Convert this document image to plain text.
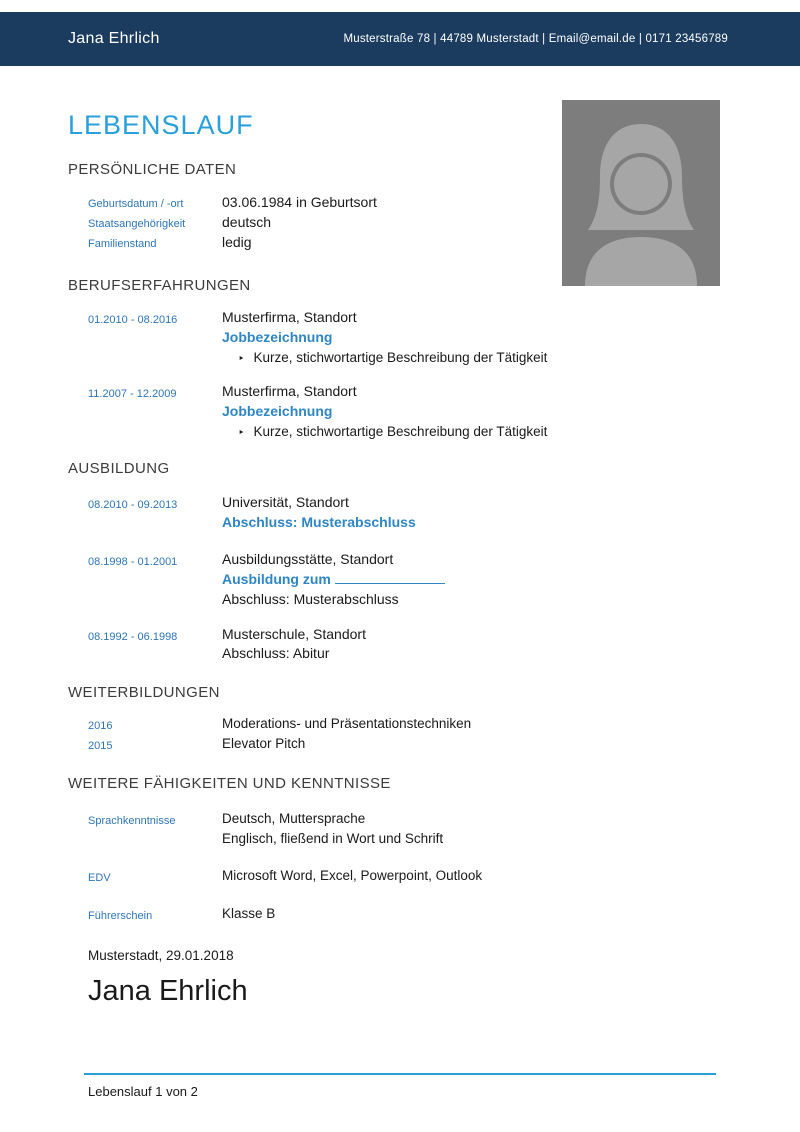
Jana Ehrlich	Musterstraße 78 | 44789 Musterstadt | Email@email.de | 0171 23456789
LEBENSLAUF
PERSÖNLICHE DATEN
Geburtsdatum / -ort	03.06.1984 in Geburtsort
Staatsangehörigkeit	deutsch
Familienstand	ledig
BERUFSERFAHRUNGEN
01.2010 - 08.2016	Musterfirma, Standort
Jobbezeichnung
‣ Kurze, stichwortartige Beschreibung der Tätigkeit
11.2007 - 12.2009	Musterfirma, Standort
Jobbezeichnung
‣ Kurze, stichwortartige Beschreibung der Tätigkeit
AUSBILDUNG
08.2010 - 09.2013	Universität, Standort
Abschluss: Musterabschluss
08.1998 - 01.2001	Ausbildungsstätte, Standort
Ausbildung zum
Abschluss: Musterabschluss
08.1992 - 06.1998	Musterschule, Standort
Abschluss: Abitur
WEITERBILDUNGEN
2016	Moderations- und Präsentationstechniken
2015	Elevator Pitch
WEITERE FÄHIGKEITEN UND KENNTNISSE
Sprachkenntnisse	Deutsch, Muttersprache
Englisch, fließend in Wort und Schrift
EDV	Microsoft Word, Excel, Powerpoint, Outlook
Führerschein	Klasse B
Musterstadt, 29.01.2018
Jana Ehrlich
Lebenslauf 1 von 2
